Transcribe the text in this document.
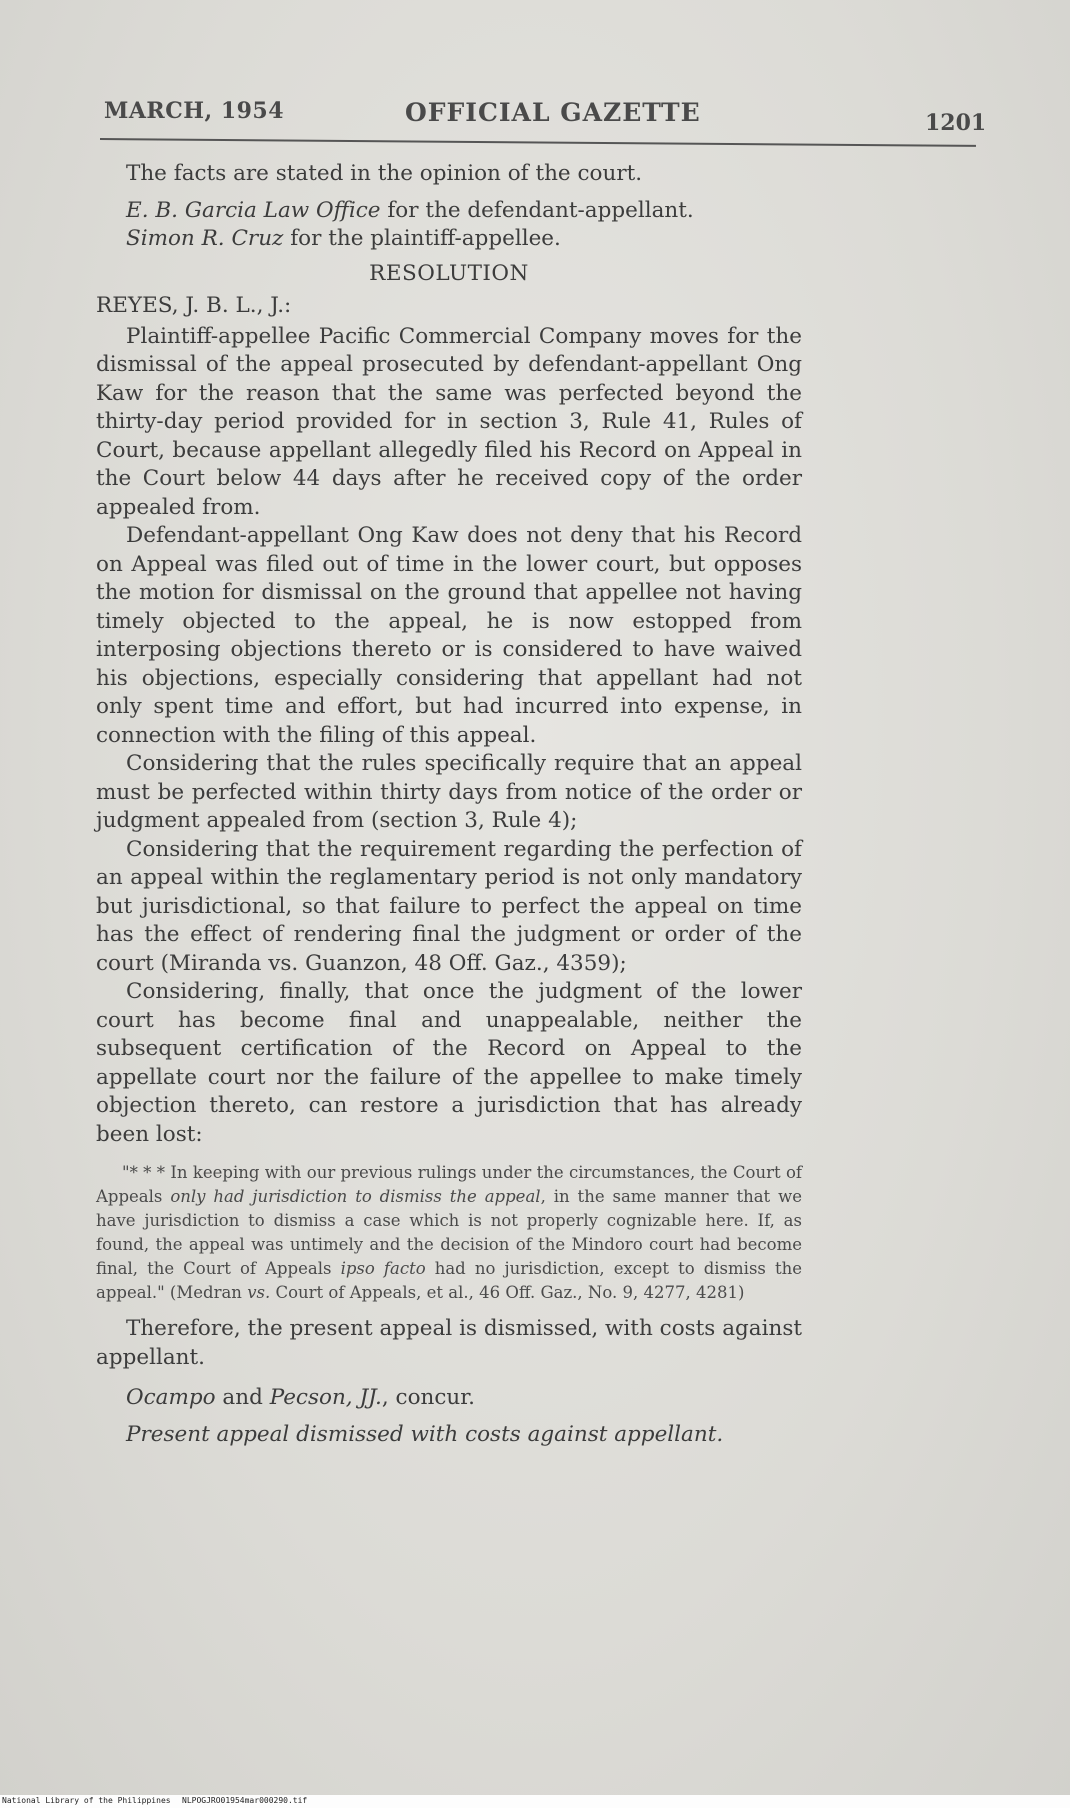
MARCH, 1954	OFFICIAL GAZETTE	1201

The facts are stated in the opinion of the court.

E. B. Garcia Law Office for the defendant-appellant.

Simon R. Cruz for the plaintiff-appellee.

RESOLUTION

REYES, J. B. L., J.:

Plaintiff-appellee Pacific Commercial Company moves for the dismissal of the appeal prosecuted by defendant-appellant Ong Kaw for the reason that the same was perfected beyond the thirty-day period provided for in section 3, Rule 41, Rules of Court, because appellant allegedly filed his Record on Appeal in the Court below 44 days after he received copy of the order appealed from.

Defendant-appellant Ong Kaw does not deny that his Record on Appeal was filed out of time in the lower court, but opposes the motion for dismissal on the ground that appellee not having timely objected to the appeal, he is now estopped from interposing objections thereto or is considered to have waived his objections, especially considering that appellant had not only spent time and effort, but had incurred into expense, in connection with the filing of this appeal.

Considering that the rules specifically require that an appeal must be perfected within thirty days from notice of the order or judgment appealed from (section 3, Rule 4);

Considering that the requirement regarding the perfection of an appeal within the reglamentary period is not only mandatory but jurisdictional, so that failure to perfect the appeal on time has the effect of rendering final the judgment or order of the court (Miranda vs. Guanzon, 48 Off. Gaz., 4359);

Considering, finally, that once the judgment of the lower court has become final and unappealable, neither the subsequent certification of the Record on Appeal to the appellate court nor the failure of the appellee to make timely objection thereto, can restore a jurisdiction that has already been lost:

"* * * In keeping with our previous rulings under the circumstances, the Court of Appeals only had jurisdiction to dismiss the appeal, in the same manner that we have jurisdiction to dismiss a case which is not properly cognizable here. If, as found, the appeal was untimely and the decision of the Mindoro court had become final, the Court of Appeals ipso facto had no jurisdiction, except to dismiss the appeal." (Medran vs. Court of Appeals, et al., 46 Off. Gaz., No. 9, 4277, 4281)

Therefore, the present appeal is dismissed, with costs against appellant.

Ocampo and Pecson, JJ., concur.

Present appeal dismissed with costs against appellant.

National Library of the Philippines NLPOGJRO01954mar000290.tif
